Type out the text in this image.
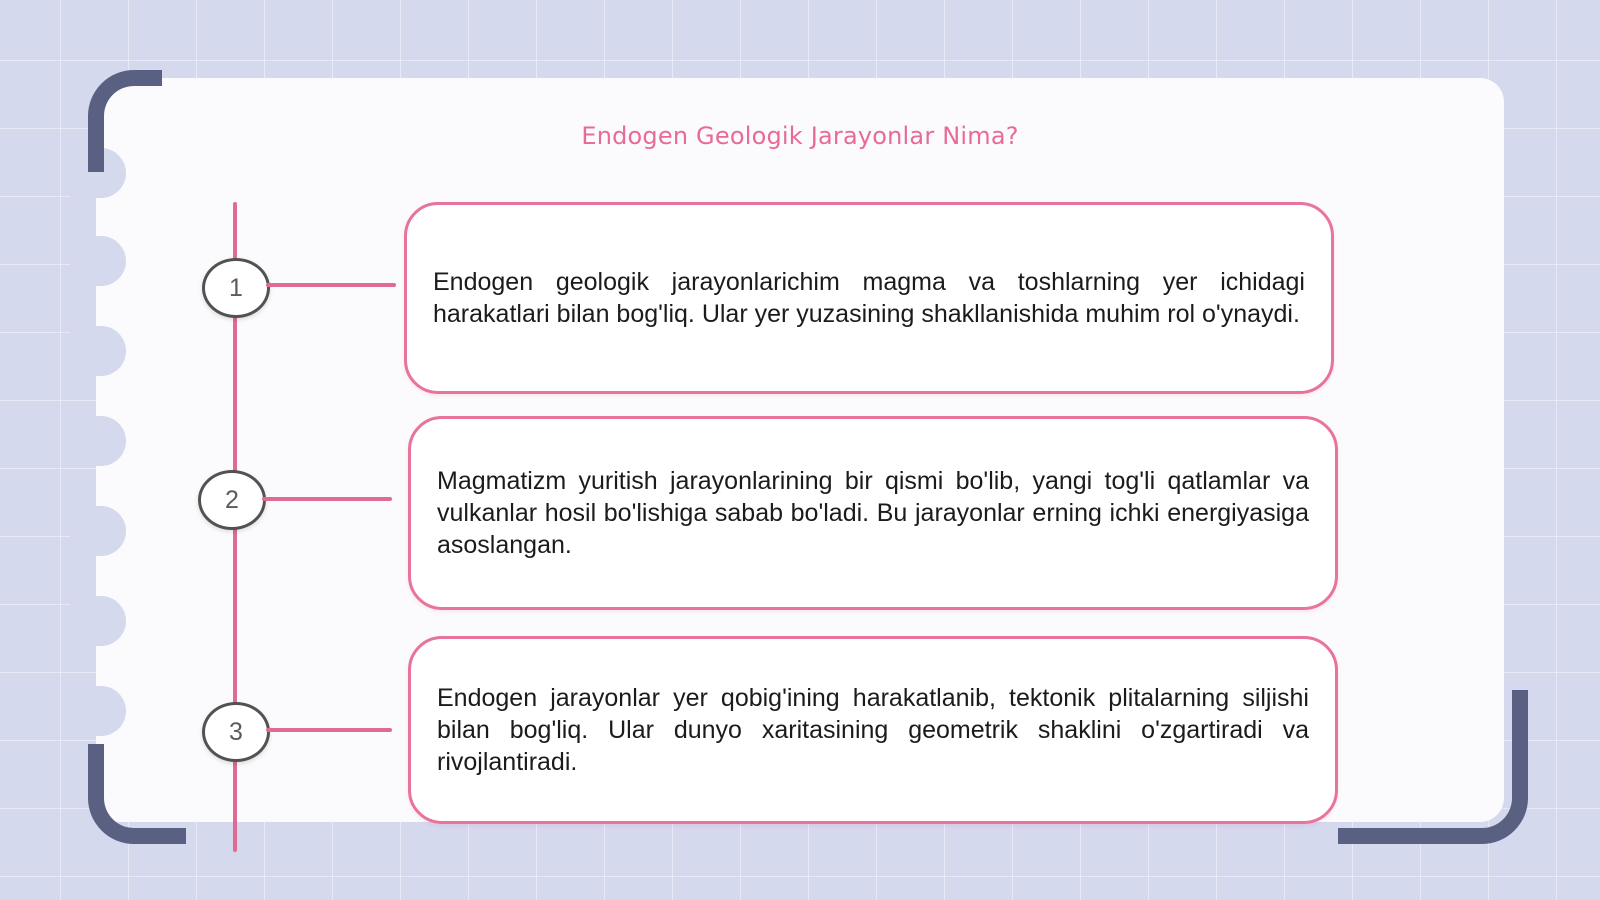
Endogen Geologik Jarayonlar Nima?
1	Endogen geologik jarayonlarichim magma va toshlarning yer ichidagi harakatlari bilan bog'liq. Ular yer yuzasining shakllanishida muhim rol o'ynaydi.

2

Magmatizm yuritish jarayonlarining bir qismi bo'lib, yangi tog'li qatlamlar va vulkanlar hosil bo'lishiga sabab bo'ladi. Bu jarayonlar erning ichki energiyasiga asoslangan.

3

Endogen jarayonlar yer qobig'ining harakatlanib, tektonik plitalarning siljishi bilan bog'liq. Ular dunyo xaritasining geometrik shaklini o'zgartiradi va rivojlantiradi.
